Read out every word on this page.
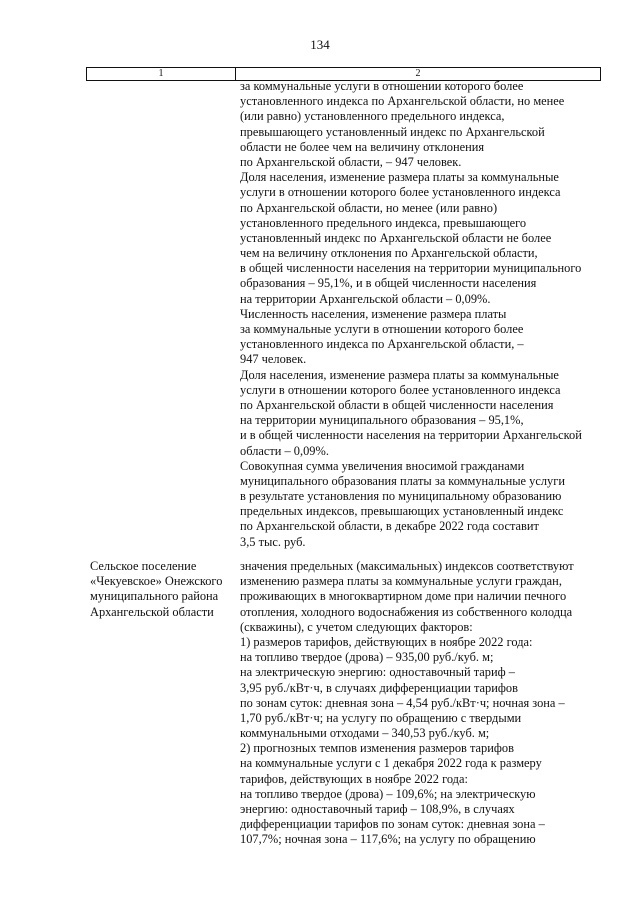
134
1	2
за коммунальные услуги в отношении которого более
установленного индекса по Архангельской области, но менее
(или равно) установленного предельного индекса,
превышающего установленный индекс по Архангельской
области не более чем на величину отклонения
по Архангельской области, – 947 человек.
Доля населения, изменение размера платы за коммунальные
услуги в отношении которого более установленного индекса
по Архангельской области, но менее (или равно)
установленного предельного индекса, превышающего
установленный индекс по Архангельской области не более
чем на величину отклонения по Архангельской области,
в общей численности населения на территории муниципального
образования – 95,1%, и в общей численности населения
на территории Архангельской области – 0,09%.
Численность населения, изменение размера платы
за коммунальные услуги в отношении которого более
установленного индекса по Архангельской области, –
947 человек.
Доля населения, изменение размера платы за коммунальные
услуги в отношении которого более установленного индекса
по Архангельской области в общей численности населения
на территории муниципального образования – 95,1%,
и в общей численности населения на территории Архангельской
области – 0,09%.
Совокупная сумма увеличения вносимой гражданами
муниципального образования платы за коммунальные услуги
в результате установления по муниципальному образованию
предельных индексов, превышающих установленный индекс
по Архангельской области, в декабре 2022 года составит
3,5 тыс. руб.
Сельское поселение
«Чекуевское» Онежского
муниципального района
Архангельской области
значения предельных (максимальных) индексов соответствуют
изменению размера платы за коммунальные услуги граждан,
проживающих в многоквартирном доме при наличии печного
отопления, холодного водоснабжения из собственного колодца
(скважины), с учетом следующих факторов:
1) размеров тарифов, действующих в ноябре 2022 года:
на топливо твердое (дрова) – 935,00 руб./куб. м;
на электрическую энергию: одноставочный тариф –
3,95 руб./кВт·ч, в случаях дифференциации тарифов
по зонам суток: дневная зона – 4,54 руб./кВт·ч; ночная зона –
1,70 руб./кВт·ч; на услугу по обращению с твердыми
коммунальными отходами – 340,53 руб./куб. м;
2) прогнозных темпов изменения размеров тарифов
на коммунальные услуги с 1 декабря 2022 года к размеру
тарифов, действующих в ноябре 2022 года:
на топливо твердое (дрова) – 109,6%; на электрическую
энергию: одноставочный тариф – 108,9%, в случаях
дифференциации тарифов по зонам суток: дневная зона –
107,7%; ночная зона – 117,6%; на услугу по обращению
